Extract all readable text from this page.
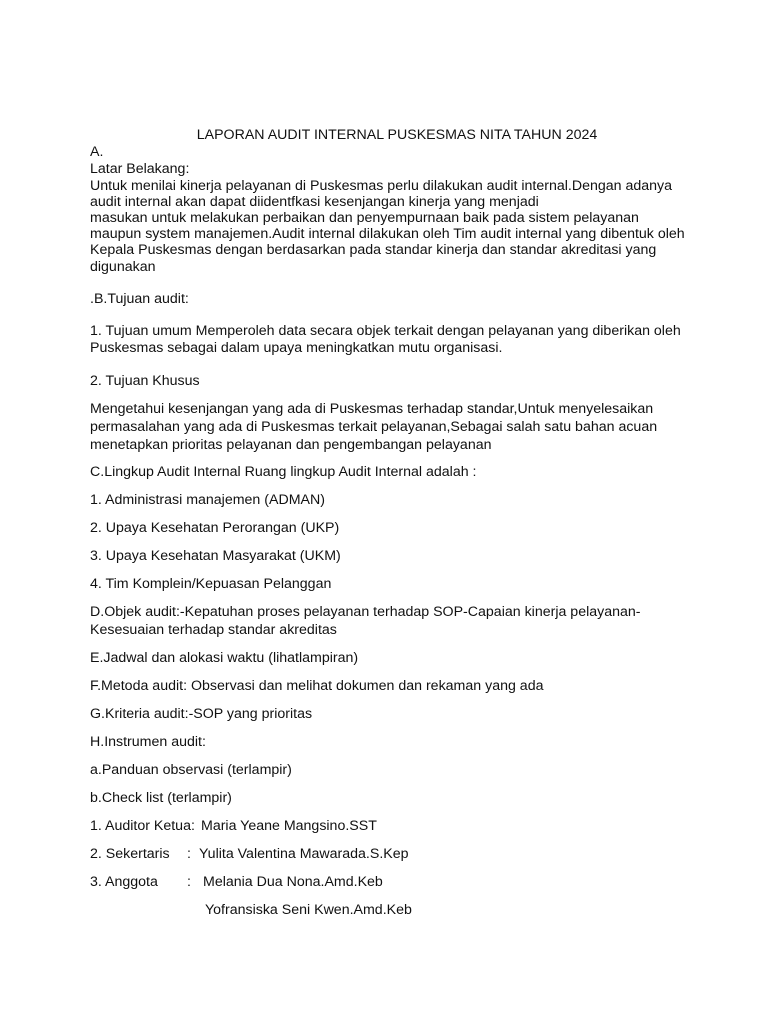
LAPORAN AUDIT INTERNAL PUSKESMAS NITA TAHUN 2024
A.
Latar Belakang:
Untuk menilai kinerja pelayanan di Puskesmas perlu dilakukan audit internal.Dengan adanya
audit internal akan dapat diidentfkasi kesenjangan kinerja yang menjadi
masukan untuk melakukan perbaikan dan penyempurnaan baik pada sistem pelayanan
maupun system manajemen.Audit internal dilakukan oleh Tim audit internal yang dibentuk oleh
Kepala Puskesmas dengan berdasarkan pada standar kinerja dan standar akreditasi yang
digunakan
.B.Tujuan audit:
1. Tujuan umum Memperoleh data secara objek terkait dengan pelayanan yang diberikan oleh
Puskesmas sebagai dalam upaya meningkatkan mutu organisasi.
2. Tujuan Khusus
Mengetahui kesenjangan yang ada di Puskesmas terhadap standar,Untuk menyelesaikan
permasalahan yang ada di Puskesmas terkait pelayanan,Sebagai salah satu bahan acuan
menetapkan prioritas pelayanan dan pengembangan pelayanan
C.Lingkup Audit Internal Ruang lingkup Audit Internal adalah :
1. Administrasi manajemen (ADMAN)
2. Upaya Kesehatan Perorangan (UKP)
3. Upaya Kesehatan Masyarakat (UKM)
4. Tim Komplein/Kepuasan Pelanggan
D.Objek audit:-Kepatuhan proses pelayanan terhadap SOP-Capaian kinerja pelayanan-
Kesesuaian terhadap standar akreditas
E.Jadwal dan alokasi waktu (lihatlampiran)
F.Metoda audit: Observasi dan melihat dokumen dan rekaman yang ada
G.Kriteria audit:-SOP yang prioritas
H.Instrumen audit:
a.Panduan observasi (terlampir)
b.Check list (terlampir)
1. Auditor Ketua: Maria Yeane Mangsino.SST
2. Sekertaris : Yulita Valentina Mawarada.S.Kep
3. Anggota : Melania Dua Nona.Amd.Keb
Yofransiska Seni Kwen.Amd.Keb
